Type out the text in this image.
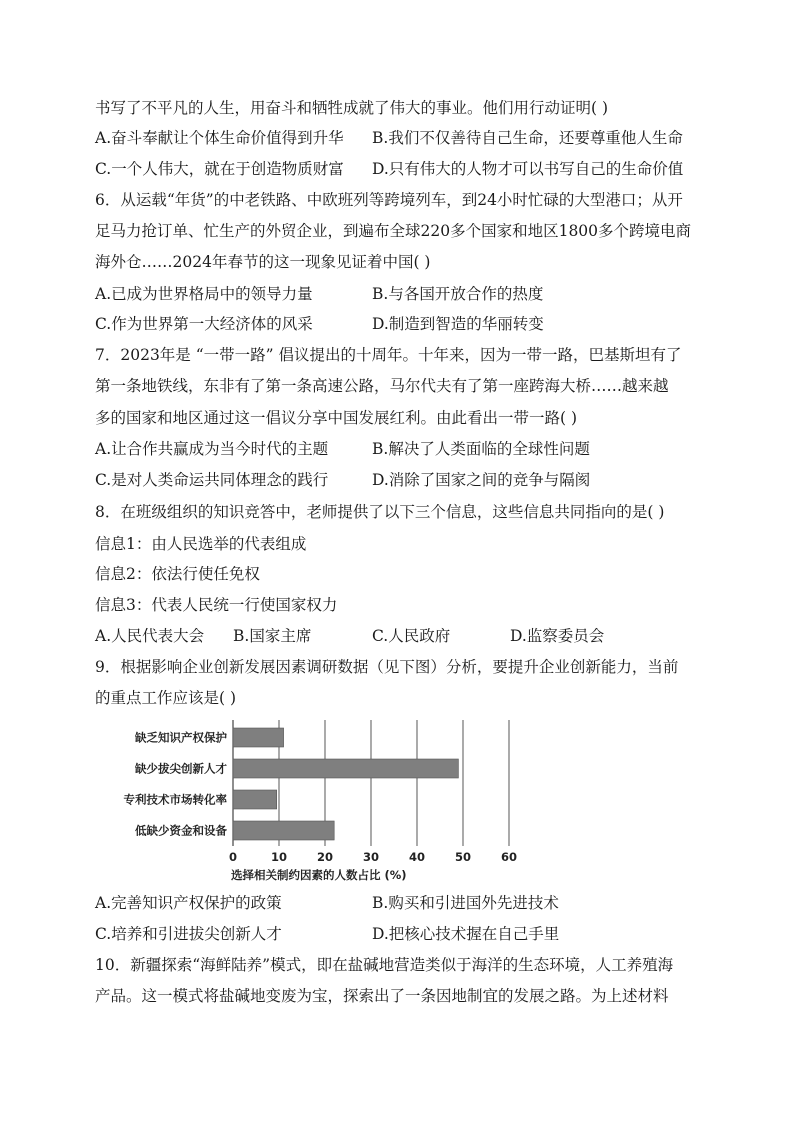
书写了不平凡的人生，用奋斗和牺牲成就了伟大的事业。他们用行动证明( )
A.奋斗奉献让个体生命价值得到升华 B.我们不仅善待自己生命，还要尊重他人生命
C.一个人伟大，就在于创造物质财富 D.只有伟大的人物才可以书写自己的生命价值
6．从运载“年货”的中老铁路、中欧班列等跨境列车，到24小时忙碌的大型港口；从开
足马力抢订单、忙生产的外贸企业，到遍布全球220多个国家和地区1800多个跨境电商
海外仓……2024年春节的这一现象见证着中国( )
A.已成为世界格局中的领导力量	B.与各国开放合作的热度
C.作为世界第一大经济体的风采	D.制造到智造的华丽转变
7．2023年是 “一带一路” 倡议提出的十周年。十年来，因为一带一路，巴基斯坦有了
第一条地铁线，东非有了第一条高速公路，马尔代夫有了第一座跨海大桥……越来越
多的国家和地区通过这一倡议分享中国发展红利。由此看出一带一路( )
A.让合作共赢成为当今时代的主题	B.解决了人类面临的全球性问题
C.是对人类命运共同体理念的践行	D.消除了国家之间的竞争与隔阂
8．在班级组织的知识竞答中，老师提供了以下三个信息，这些信息共同指向的是( )
信息1：由人民选举的代表组成
信息2：依法行使任免权
信息3：代表人民统一行使国家权力
A.人民代表大会 B.国家主席	C.人民政府	D.监察委员会
9．根据影响企业创新发展因素调研数据（见下图）分析，要提升企业创新能力，当前
的重点工作应该是( )
缺乏知识产权保护
缺少拔尖创新人才
专利技术市场转化率
低缺少资金和设备
0	10	20	30	40	50	60
选择相关制约因素的人数占比 (%)
A.完善知识产权保护的政策	B.购买和引进国外先进技术
C.培养和引进拔尖创新人才	D.把核心技术握在自己手里
10．新疆探索“海鲜陆养”模式，即在盐碱地营造类似于海洋的生态环境，人工养殖海
产品。这一模式将盐碱地变废为宝，探索出了一条因地制宜的发展之路。为上述材料
